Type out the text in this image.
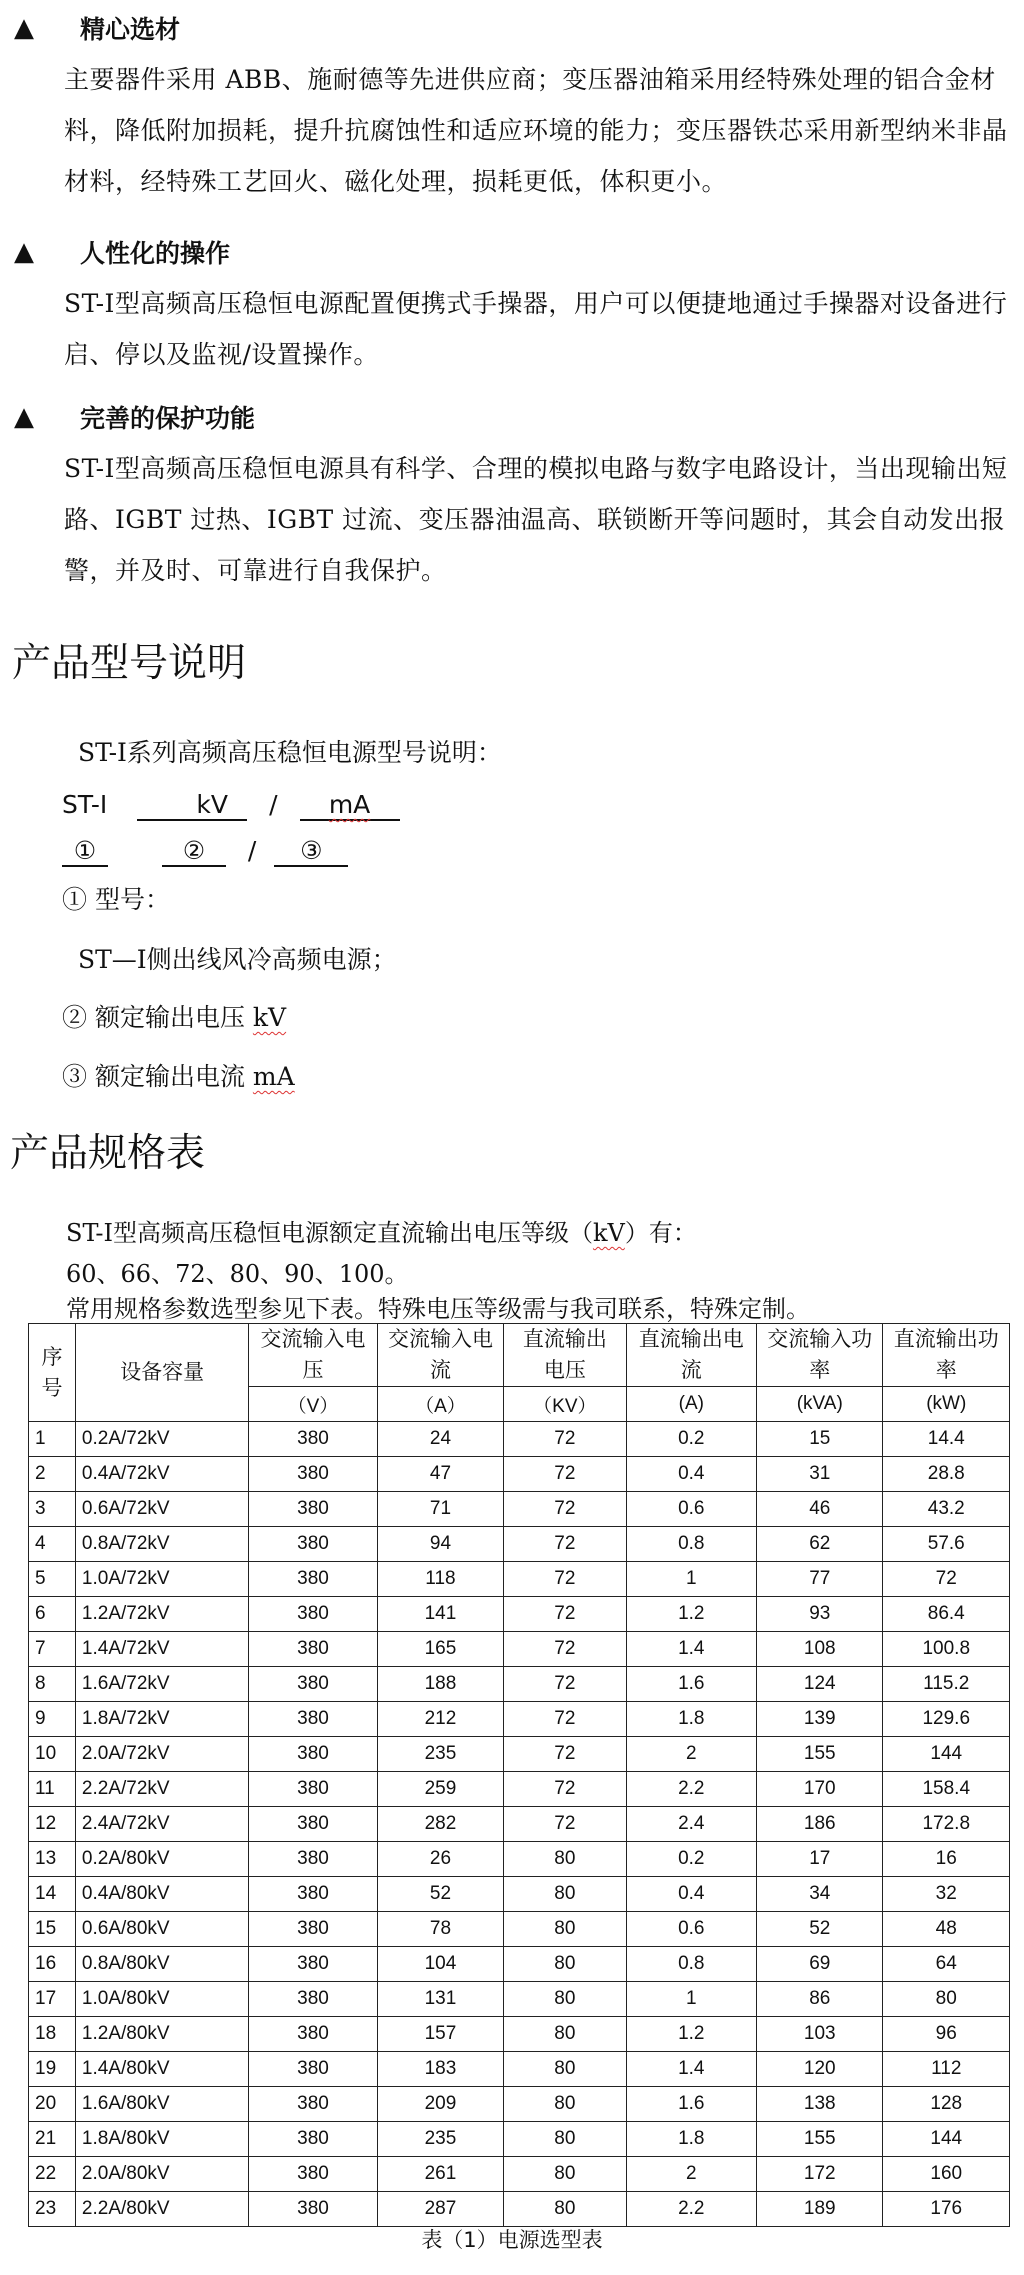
▲	精心选材
主要器件采用 ABB、施耐德等先进供应商；变压器油箱采用经特殊处理的铝合金材料，降低附加损耗，提升抗腐蚀性和适应环境的能力；变压器铁芯采用新型纳米非晶材料，经特殊工艺回火、磁化处理，损耗更低，体积更小。
▲	人性化的操作
ST-Ⅰ型高频高压稳恒电源配置便携式手操器，用户可以便捷地通过手操器对设备进行启、停以及监视/设置操作。
▲	完善的保护功能
ST-Ⅰ型高频高压稳恒电源具有科学、合理的模拟电路与数字电路设计，当出现输出短路、IGBT 过热、IGBT 过流、变压器油温高、联锁断开等问题时，其会自动发出报警，并及时、可靠进行自我保护。
产品型号说明
ST-Ⅰ系列高频高压稳恒电源型号说明：
ST-Ⅰ	kV / mA
①	② / ③
① 型号：
ST—Ⅰ侧出线风冷高频电源；
② 额定输出电压 kV
③ 额定输出电流 mA
产品规格表
ST-Ⅰ型高频高压稳恒电源额定直流输出电压等级（kV）有：
60、66、72、80、90、100。
常用规格参数选型参见下表。特殊电压等级需与我司联系，特殊定制。
序号	设备容量	交流输入电压	交流输入电流	直流输出电压	直流输出电流	交流输入功率	直流输出功率
		（V）	（A）	（KV）	(A)	(kVA)	(kW)
1	0.2A/72kV	380	24	72	0.2	15	14.4
2	0.4A/72kV	380	47	72	0.4	31	28.8
3	0.6A/72kV	380	71	72	0.6	46	43.2
4	0.8A/72kV	380	94	72	0.8	62	57.6
5	1.0A/72kV	380	118	72	1	77	72
6	1.2A/72kV	380	141	72	1.2	93	86.4
7	1.4A/72kV	380	165	72	1.4	108	100.8
8	1.6A/72kV	380	188	72	1.6	124	115.2
9	1.8A/72kV	380	212	72	1.8	139	129.6
10	2.0A/72kV	380	235	72	2	155	144
11	2.2A/72kV	380	259	72	2.2	170	158.4
12	2.4A/72kV	380	282	72	2.4	186	172.8
13	0.2A/80kV	380	26	80	0.2	17	16
14	0.4A/80kV	380	52	80	0.4	34	32
15	0.6A/80kV	380	78	80	0.6	52	48
16	0.8A/80kV	380	104	80	0.8	69	64
17	1.0A/80kV	380	131	80	1	86	80
18	1.2A/80kV	380	157	80	1.2	103	96
19	1.4A/80kV	380	183	80	1.4	120	112
20	1.6A/80kV	380	209	80	1.6	138	128
21	1.8A/80kV	380	235	80	1.8	155	144
22	2.0A/80kV	380	261	80	2	172	160
23	2.2A/80kV	380	287	80	2.2	189	176
表（1）电源选型表
